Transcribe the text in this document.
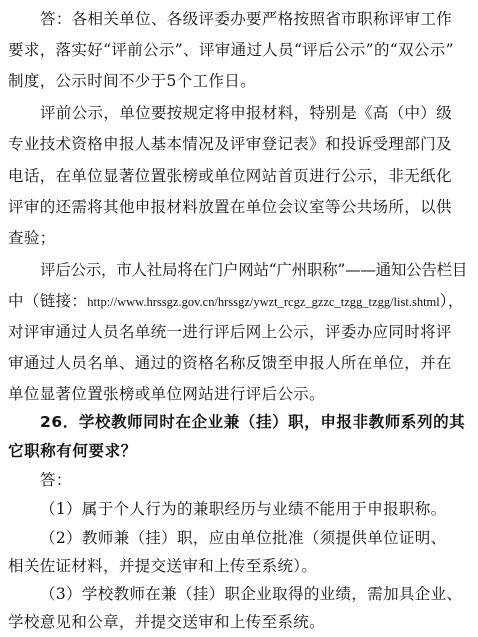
答：各相关单位、各级评委办要严格按照省市职称评审工作
要求，落实好“评前公示”、评审通过人员“评后公示”的“双公示”
制度，公示时间不少于5个工作日。
评前公示，单位要按规定将申报材料，特别是《高（中）级
专业技术资格申报人基本情况及评审登记表》和投诉受理部门及
电话，在单位显著位置张榜或单位网站首页进行公示，非无纸化
评审的还需将其他申报材料放置在单位会议室等公共场所，以供
查验；
评后公示，市人社局将在门户网站“广州职称”——通知公告栏目
中（链接：http://www.hrssgz.gov.cn/hrssgz/ywzt_rcgz_gzzc_tzgg_tzgg/list.shtml），
对评审通过人员名单统一进行评后网上公示，评委办应同时将评
审通过人员名单、通过的资格名称反馈至申报人所在单位，并在
单位显著位置张榜或单位网站进行评后公示。
26．学校教师同时在企业兼（挂）职，申报非教师系列的其
它职称有何要求？
答：
（1）属于个人行为的兼职经历与业绩不能用于申报职称。
（2）教师兼（挂）职，应由单位批准（须提供单位证明、
相关佐证材料，并提交送审和上传至系统）。
（3）学校教师在兼（挂）职企业取得的业绩，需加具企业、
学校意见和公章，并提交送审和上传至系统。
